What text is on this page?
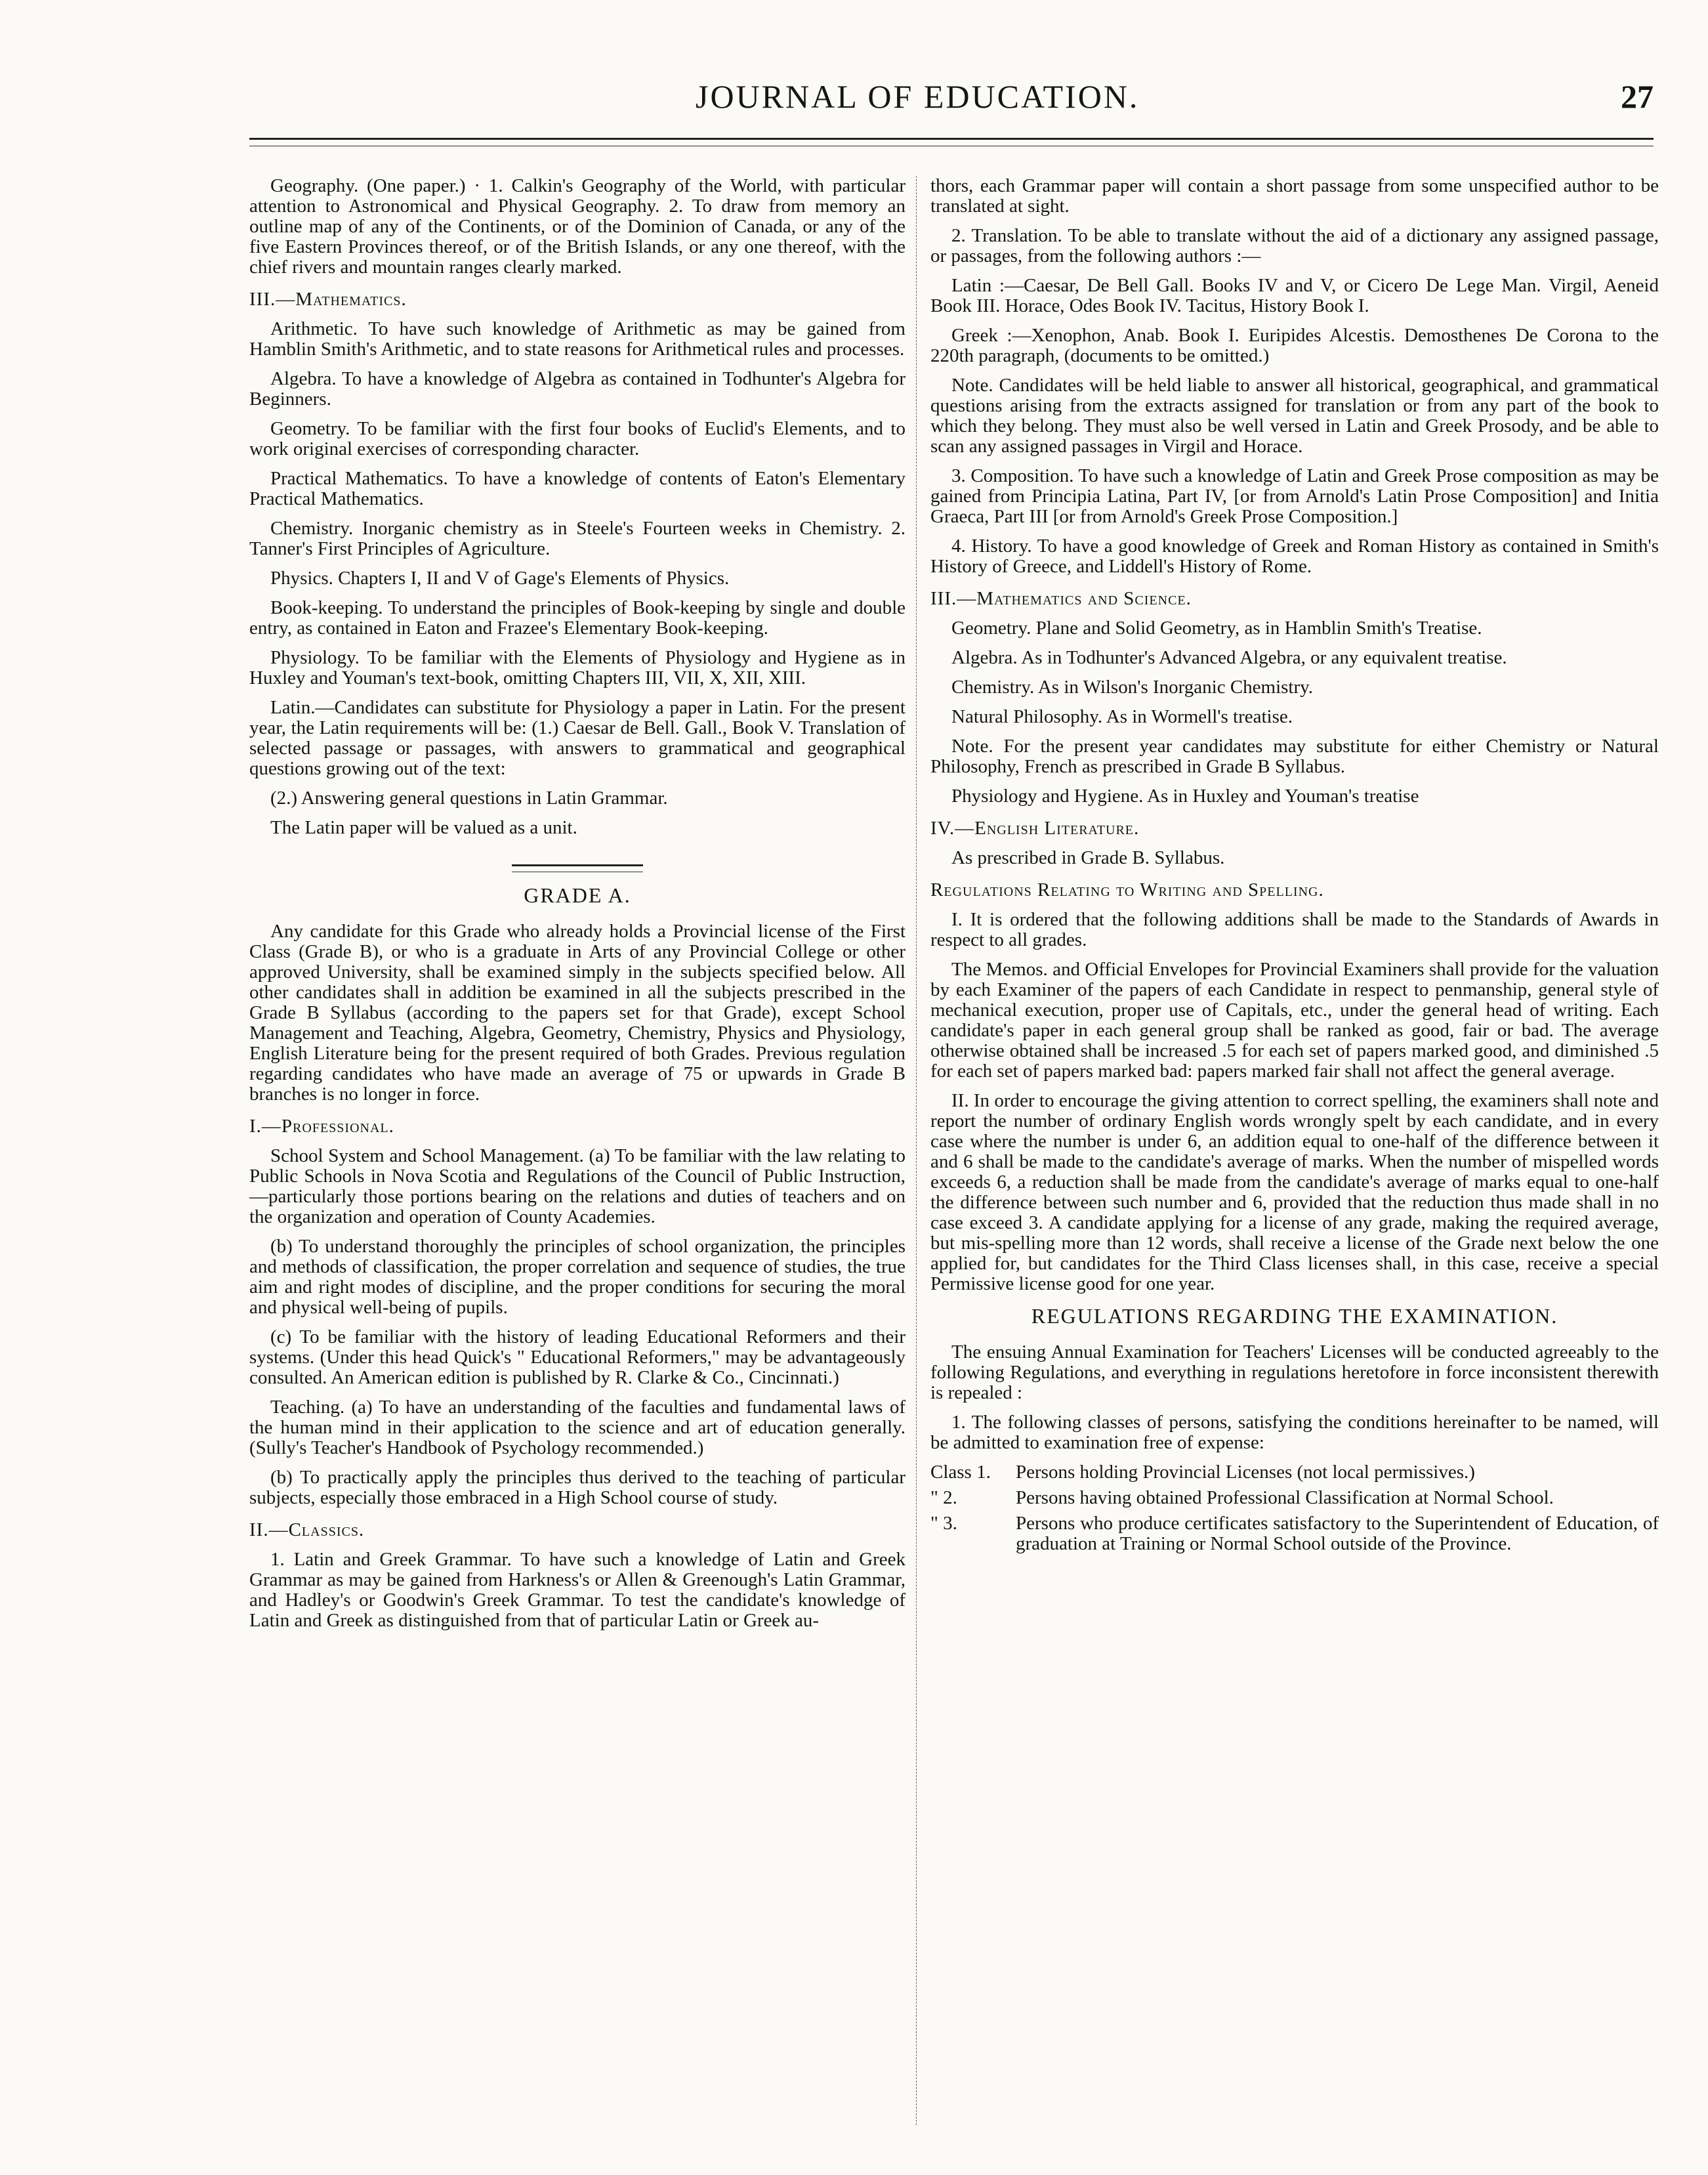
JOURNAL OF EDUCATION.	27

Geography. (One paper.) · 1. Calkin's Geography of the World, with particular attention to Astronomical and Physical Geography. 2. To draw from memory an outline map of any of the Continents, or of the Dominion of Canada, or any of the five Eastern Provinces thereof, or of the British Islands, or any one thereof, with the chief rivers and mountain ranges clearly marked.

III.—Mathematics.

Arithmetic. To have such knowledge of Arithmetic as may be gained from Hamblin Smith's Arithmetic, and to state reasons for Arithmetical rules and processes.

Algebra. To have a knowledge of Algebra as contained in Todhunter's Algebra for Beginners.

Geometry. To be familiar with the first four books of Euclid's Elements, and to work original exercises of corresponding character.

Practical Mathematics. To have a knowledge of contents of Eaton's Elementary Practical Mathematics.

Chemistry. Inorganic chemistry as in Steele's Fourteen weeks in Chemistry. 2. Tanner's First Principles of Agriculture.

Physics. Chapters I, II and V of Gage's Elements of Physics.

Book-keeping. To understand the principles of Book-keeping by single and double entry, as contained in Eaton and Frazee's Elementary Book-keeping.

Physiology. To be familiar with the Elements of Physiology and Hygiene as in Huxley and Youman's text-book, omitting Chapters III, VII, X, XII, XIII.

Latin.—Candidates can substitute for Physiology a paper in Latin. For the present year, the Latin requirements will be: (1.) Caesar de Bell. Gall., Book V. Translation of selected passage or passages, with answers to grammatical and geographical questions growing out of the text:

(2.) Answering general questions in Latin Grammar.

The Latin paper will be valued as a unit.

GRADE A.

Any candidate for this Grade who already holds a Provincial license of the First Class (Grade B), or who is a graduate in Arts of any Provincial College or other approved University, shall be examined simply in the subjects specified below. All other candidates shall in addition be examined in all the subjects prescribed in the Grade B Syllabus (according to the papers set for that Grade), except School Management and Teaching, Algebra, Geometry, Chemistry, Physics and Physiology, English Literature being for the present required of both Grades. Previous regulation regarding candidates who have made an average of 75 or upwards in Grade B branches is no longer in force.

I.—Professional.

School System and School Management. (a) To be familiar with the law relating to Public Schools in Nova Scotia and Regulations of the Council of Public Instruction,—particularly those portions bearing on the relations and duties of teachers and on the organization and operation of County Academies.

(b) To understand thoroughly the principles of school organization, the principles and methods of classification, the proper correlation and sequence of studies, the true aim and right modes of discipline, and the proper conditions for securing the moral and physical well-being of pupils.

(c) To be familiar with the history of leading Educational Reformers and their systems. (Under this head Quick's " Educational Reformers," may be advantageously consulted. An American edition is published by R. Clarke & Co., Cincinnati.)

Teaching. (a) To have an understanding of the faculties and fundamental laws of the human mind in their application to the science and art of education generally. (Sully's Teacher's Handbook of Psychology recommended.)

(b) To practically apply the principles thus derived to the teaching of particular subjects, especially those embraced in a High School course of study.

II.—Classics.

1. Latin and Greek Grammar. To have such a knowledge of Latin and Greek Grammar as may be gained from Harkness's or Allen & Greenough's Latin Grammar, and Hadley's or Goodwin's Greek Grammar. To test the candidate's knowledge of Latin and Greek as distinguished from that of particular Latin or Greek au-

thors, each Grammar paper will contain a short passage from some unspecified author to be translated at sight.

2. Translation. To be able to translate without the aid of a dictionary any assigned passage, or passages, from the following authors :—

Latin :—Caesar, De Bell Gall. Books IV and V, or Cicero De Lege Man. Virgil, Aeneid Book III. Horace, Odes Book IV. Tacitus, History Book I.

Greek :—Xenophon, Anab. Book I. Euripides Alcestis. Demosthenes De Corona to the 220th paragraph, (documents to be omitted.)

Note. Candidates will be held liable to answer all historical, geographical, and grammatical questions arising from the extracts assigned for translation or from any part of the book to which they belong. They must also be well versed in Latin and Greek Prosody, and be able to scan any assigned passages in Virgil and Horace.

3. Composition. To have such a knowledge of Latin and Greek Prose composition as may be gained from Principia Latina, Part IV, [or from Arnold's Latin Prose Composition] and Initia Graeca, Part III [or from Arnold's Greek Prose Composition.]

4. History. To have a good knowledge of Greek and Roman History as contained in Smith's History of Greece, and Liddell's History of Rome.

III.—Mathematics and Science.

Geometry. Plane and Solid Geometry, as in Hamblin Smith's Treatise.

Algebra. As in Todhunter's Advanced Algebra, or any equivalent treatise.

Chemistry. As in Wilson's Inorganic Chemistry.

Natural Philosophy. As in Wormell's treatise.

Note. For the present year candidates may substitute for either Chemistry or Natural Philosophy, French as prescribed in Grade B Syllabus.

Physiology and Hygiene. As in Huxley and Youman's treatise

IV.—English Literature.

As prescribed in Grade B. Syllabus.

Regulations Relating to Writing and Spelling.

I. It is ordered that the following additions shall be made to the Standards of Awards in respect to all grades.

The Memos. and Official Envelopes for Provincial Examiners shall provide for the valuation by each Examiner of the papers of each Candidate in respect to penmanship, general style of mechanical execution, proper use of Capitals, etc., under the general head of writing. Each candidate's paper in each general group shall be ranked as good, fair or bad. The average otherwise obtained shall be increased .5 for each set of papers marked good, and diminished .5 for each set of papers marked bad: papers marked fair shall not affect the general average.

II. In order to encourage the giving attention to correct spelling, the examiners shall note and report the number of ordinary English words wrongly spelt by each candidate, and in every case where the number is under 6, an addition equal to one-half of the difference between it and 6 shall be made to the candidate's average of marks. When the number of mispelled words exceeds 6, a reduction shall be made from the candidate's average of marks equal to one-half the difference between such number and 6, provided that the reduction thus made shall in no case exceed 3. A candidate applying for a license of any grade, making the required average, but mis-spelling more than 12 words, shall receive a license of the Grade next below the one applied for, but candidates for the Third Class licenses shall, in this case, receive a special Permissive license good for one year.

REGULATIONS REGARDING THE EXAMINATION.

The ensuing Annual Examination for Teachers' Licenses will be conducted agreeably to the following Regulations, and everything in regulations heretofore in force inconsistent therewith is repealed :

1. The following classes of persons, satisfying the conditions hereinafter to be named, will be admitted to examination free of expense:

Class 1.	Persons holding Provincial Licenses (not local permissives.)
" 2.	Persons having obtained Professional Classification at Normal School.
" 3.	Persons who produce certificates satisfactory to the Superintendent of Education, of graduation at Training or Normal School outside of the Province.
